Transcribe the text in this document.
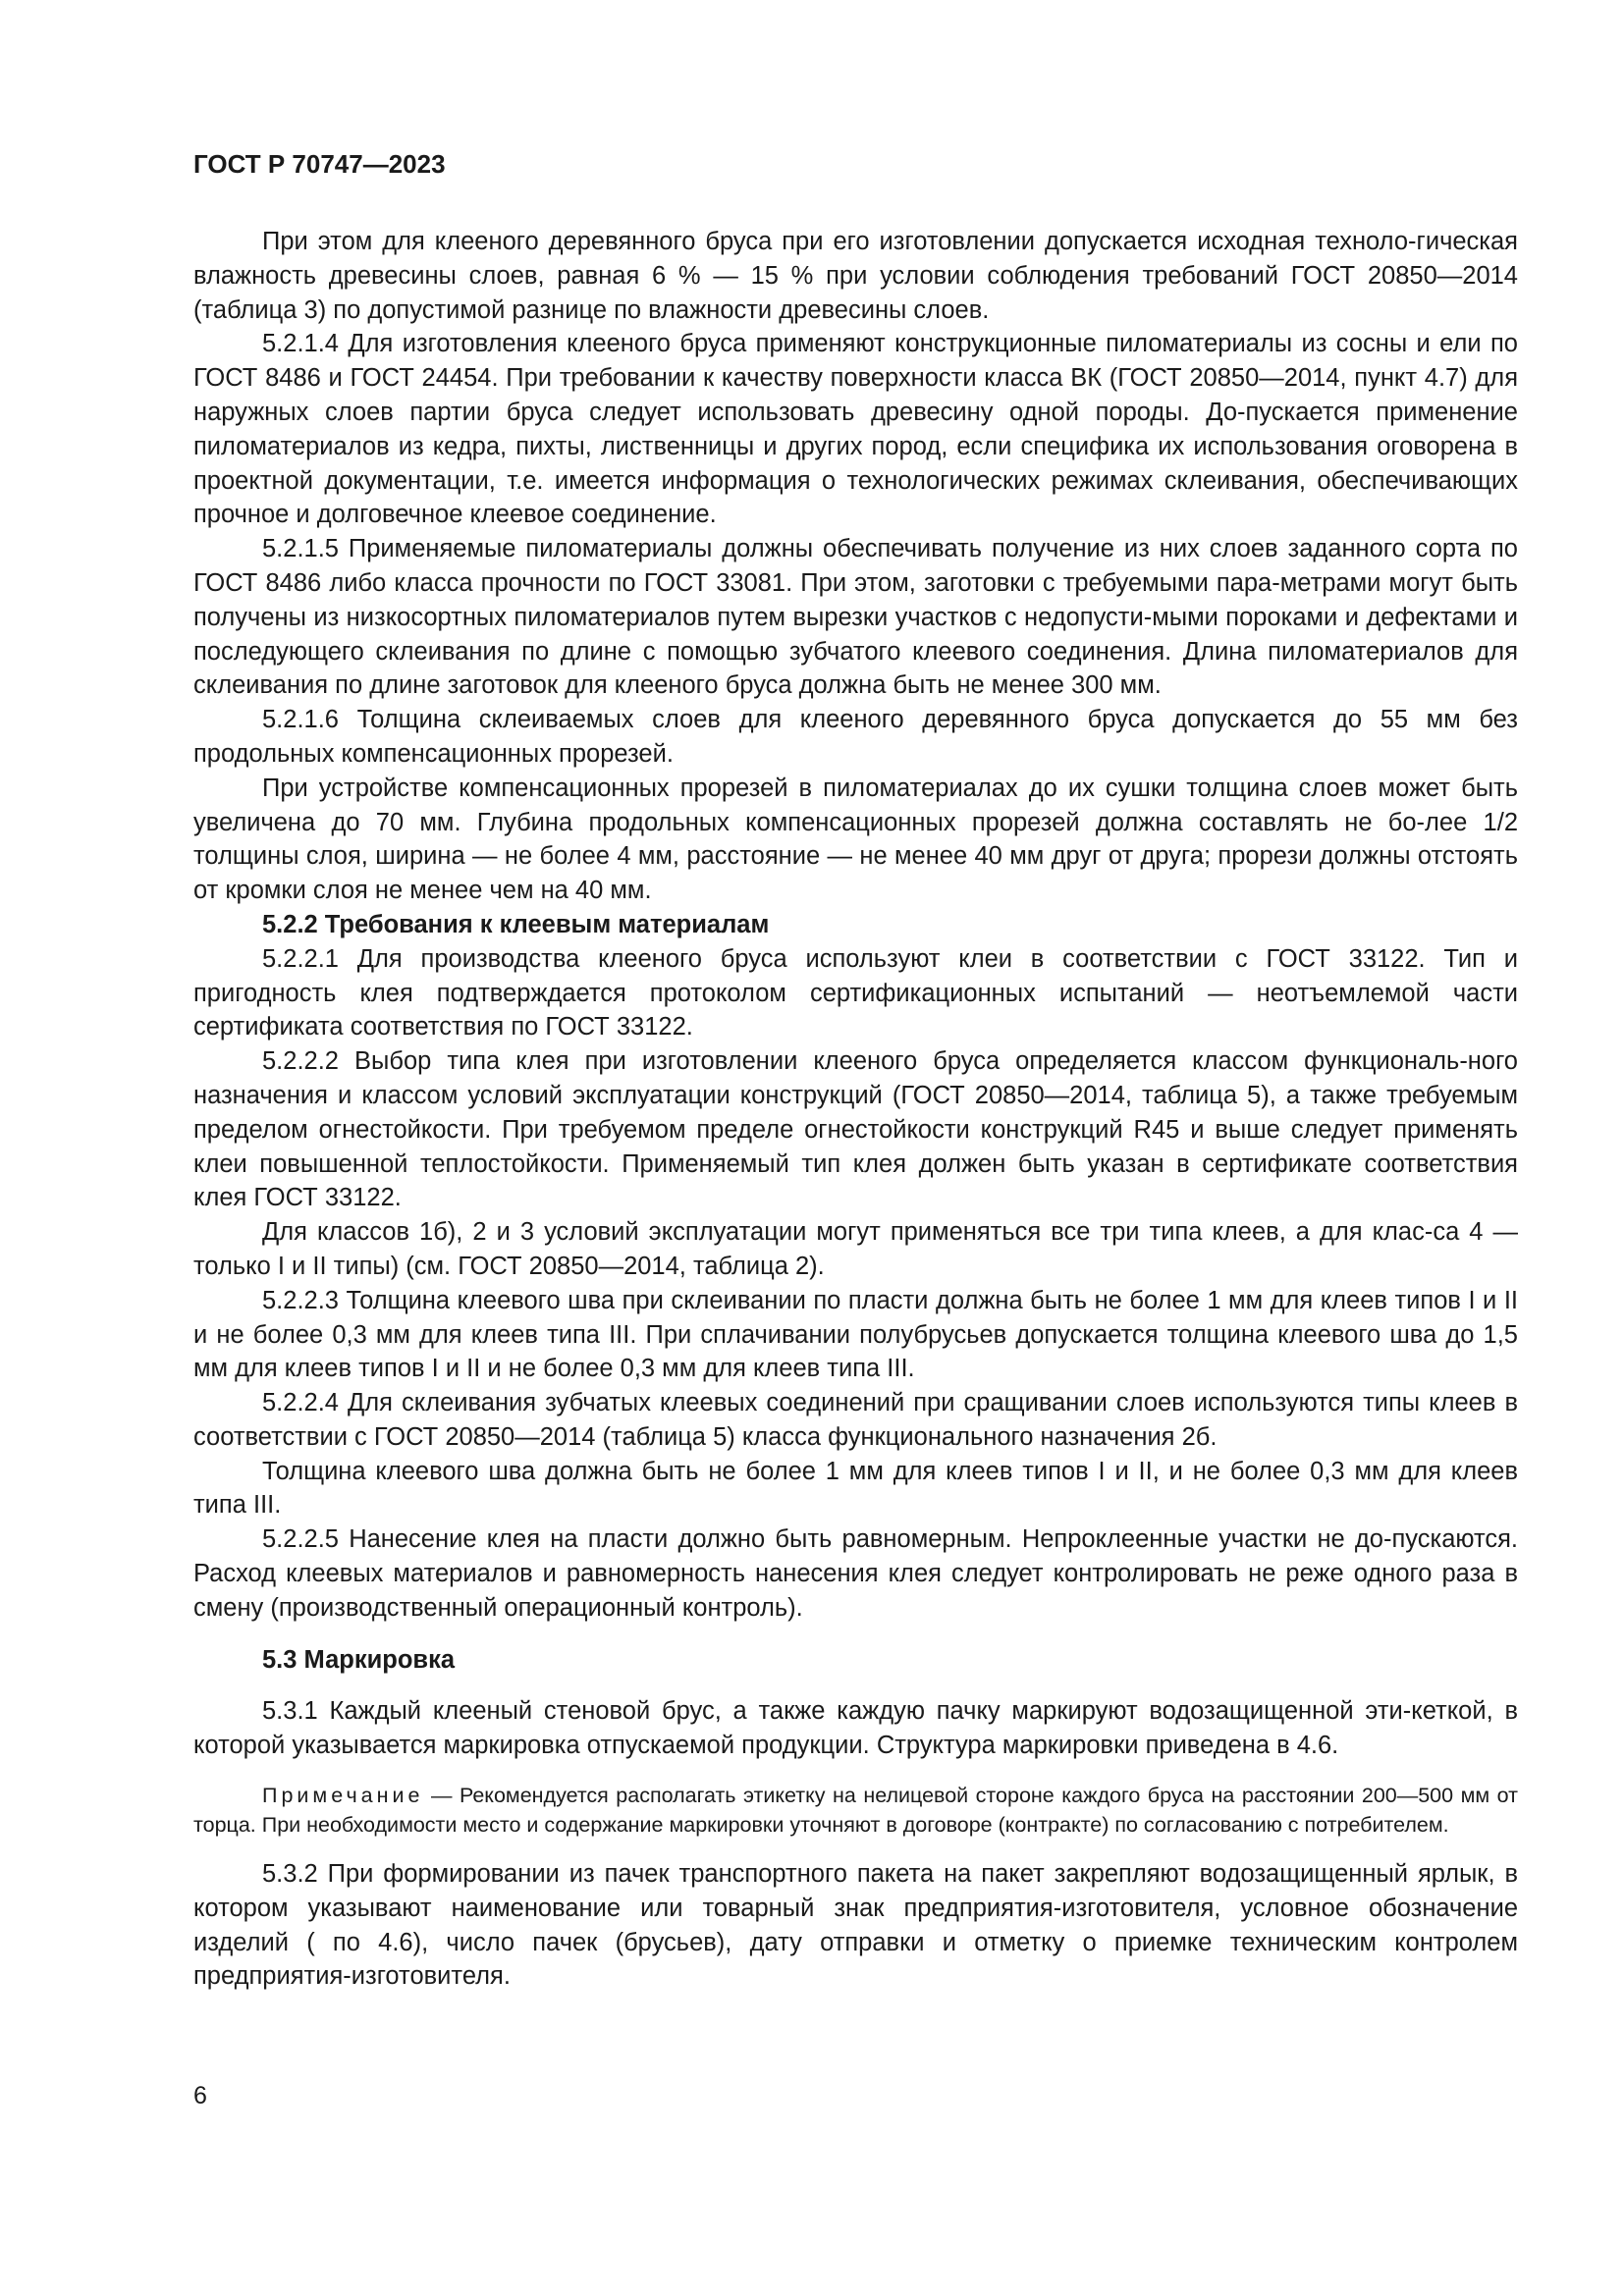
ГОСТ Р 70747—2023

При этом для клееного деревянного бруса при его изготовлении допускается исходная техноло-гическая влажность древесины слоев, равная 6 % — 15 % при условии соблюдения требований ГОСТ 20850—2014 (таблица 3) по допустимой разнице по влажности древесины слоев.

5.2.1.4 Для изготовления клееного бруса применяют конструкционные пиломатериалы из сосны и ели по ГОСТ 8486 и ГОСТ 24454. При требовании к качеству поверхности класса ВК (ГОСТ 20850—2014, пункт 4.7) для наружных слоев партии бруса следует использовать древесину одной породы. До-пускается применение пиломатериалов из кедра, пихты, лиственницы и других пород, если специфика их использования оговорена в проектной документации, т.е. имеется информация о технологических режимах склеивания, обеспечивающих прочное и долговечное клеевое соединение.

5.2.1.5 Применяемые пиломатериалы должны обеспечивать получение из них слоев заданного сорта по ГОСТ 8486 либо класса прочности по ГОСТ 33081. При этом, заготовки с требуемыми пара-метрами могут быть получены из низкосортных пиломатериалов путем вырезки участков с недопусти-мыми пороками и дефектами и последующего склеивания по длине с помощью зубчатого клеевого соединения. Длина пиломатериалов для склеивания по длине заготовок для клееного бруса должна быть не менее 300 мм.

5.2.1.6 Толщина склеиваемых слоев для клееного деревянного бруса допускается до 55 мм без продольных компенсационных прорезей.

При устройстве компенсационных прорезей в пиломатериалах до их сушки толщина слоев может быть увеличена до 70 мм. Глубина продольных компенсационных прорезей должна составлять не бо-лее 1/2 толщины слоя, ширина — не более 4 мм, расстояние — не менее 40 мм друг от друга; прорези должны отстоять от кромки слоя не менее чем на 40 мм.

5.2.2 Требования к клеевым материалам

5.2.2.1 Для производства клееного бруса используют клеи в соответствии с ГОСТ 33122. Тип и пригодность клея подтверждается протоколом сертификационных испытаний — неотъемлемой части сертификата соответствия по ГОСТ 33122.

5.2.2.2 Выбор типа клея при изготовлении клееного бруса определяется классом функциональ-ного назначения и классом условий эксплуатации конструкций (ГОСТ 20850—2014, таблица 5), а также требуемым пределом огнестойкости. При требуемом пределе огнестойкости конструкций R45 и выше следует применять клеи повышенной теплостойкости. Применяемый тип клея должен быть указан в сертификате соответствия клея ГОСТ 33122.

Для классов 1б), 2 и 3 условий эксплуатации могут применяться все три типа клеев, а для клас-са 4 — только I и II типы) (см. ГОСТ 20850—2014, таблица 2).

5.2.2.3 Толщина клеевого шва при склеивании по пласти должна быть не более 1 мм для клеев типов I и II и не более 0,3 мм для клеев типа III. При сплачивании полубрусьев допускается толщина клеевого шва до 1,5 мм для клеев типов I и II и не более 0,3 мм для клеев типа III.

5.2.2.4 Для склеивания зубчатых клеевых соединений при сращивании слоев используются типы клеев в соответствии с ГОСТ 20850—2014 (таблица 5) класса функционального назначения 2б.

Толщина клеевого шва должна быть не более 1 мм для клеев типов I и II, и не более 0,3 мм для клеев типа III.

5.2.2.5 Нанесение клея на пласти должно быть равномерным. Непроклеенные участки не до-пускаются. Расход клеевых материалов и равномерность нанесения клея следует контролировать не реже одного раза в смену (производственный операционный контроль).

5.3 Маркировка

5.3.1 Каждый клееный стеновой брус, а также каждую пачку маркируют водозащищенной эти-кеткой, в которой указывается маркировка отпускаемой продукции. Структура маркировки приведена в 4.6.

Примечание — Рекомендуется располагать этикетку на нелицевой стороне каждого бруса на расстоянии 200—500 мм от торца. При необходимости место и содержание маркировки уточняют в договоре (контракте) по согласованию с потребителем.

5.3.2 При формировании из пачек транспортного пакета на пакет закрепляют водозащищенный ярлык, в котором указывают наименование или товарный знак предприятия-изготовителя, условное обозначение изделий ( по 4.6), число пачек (брусьев), дату отправки и отметку о приемке техническим контролем предприятия-изготовителя.

6
